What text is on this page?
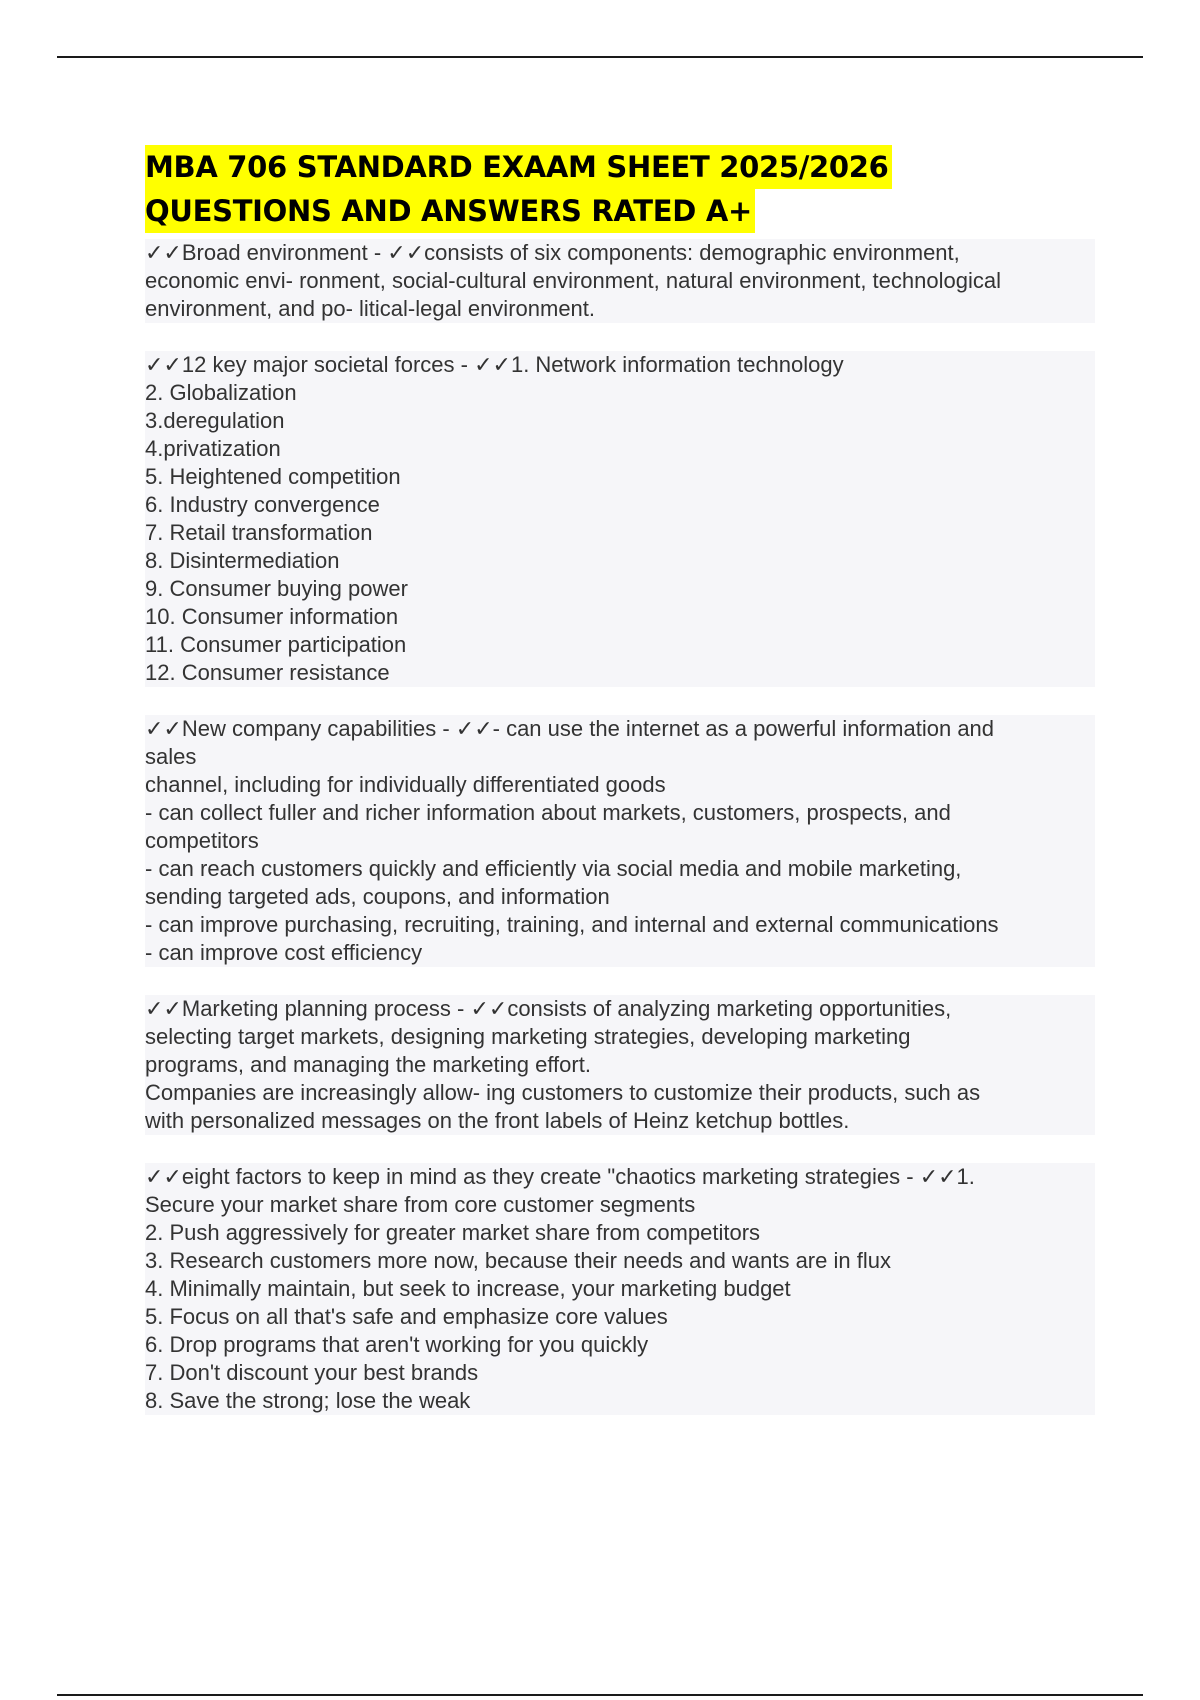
MBA 706 STANDARD EXAAM SHEET 2025/2026
QUESTIONS AND ANSWERS RATED A+
✓✓Broad environment - ✓✓consists of six components: demographic environment,
economic envi- ronment, social-cultural environment, natural environment, technological
environment, and po- litical-legal environment.
✓✓12 key major societal forces - ✓✓1. Network information technology
2. Globalization
3.deregulation
4.privatization
5. Heightened competition
6. Industry convergence
7. Retail transformation
8. Disintermediation
9. Consumer buying power
10. Consumer information
11. Consumer participation
12. Consumer resistance
✓✓New company capabilities - ✓✓- can use the internet as a powerful information and
sales
channel, including for individually differentiated goods
- can collect fuller and richer information about markets, customers, prospects, and
competitors
- can reach customers quickly and efficiently via social media and mobile marketing,
sending targeted ads, coupons, and information
- can improve purchasing, recruiting, training, and internal and external communications
- can improve cost efficiency
✓✓Marketing planning process - ✓✓consists of analyzing marketing opportunities,
selecting target markets, designing marketing strategies, developing marketing
programs, and managing the marketing effort.
Companies are increasingly allow- ing customers to customize their products, such as
with personalized messages on the front labels of Heinz ketchup bottles.
✓✓eight factors to keep in mind as they create "chaotics marketing strategies - ✓✓1.
Secure your market share from core customer segments
2. Push aggressively for greater market share from competitors
3. Research customers more now, because their needs and wants are in flux
4. Minimally maintain, but seek to increase, your marketing budget
5. Focus on all that's safe and emphasize core values
6. Drop programs that aren't working for you quickly
7. Don't discount your best brands
8. Save the strong; lose the weak
